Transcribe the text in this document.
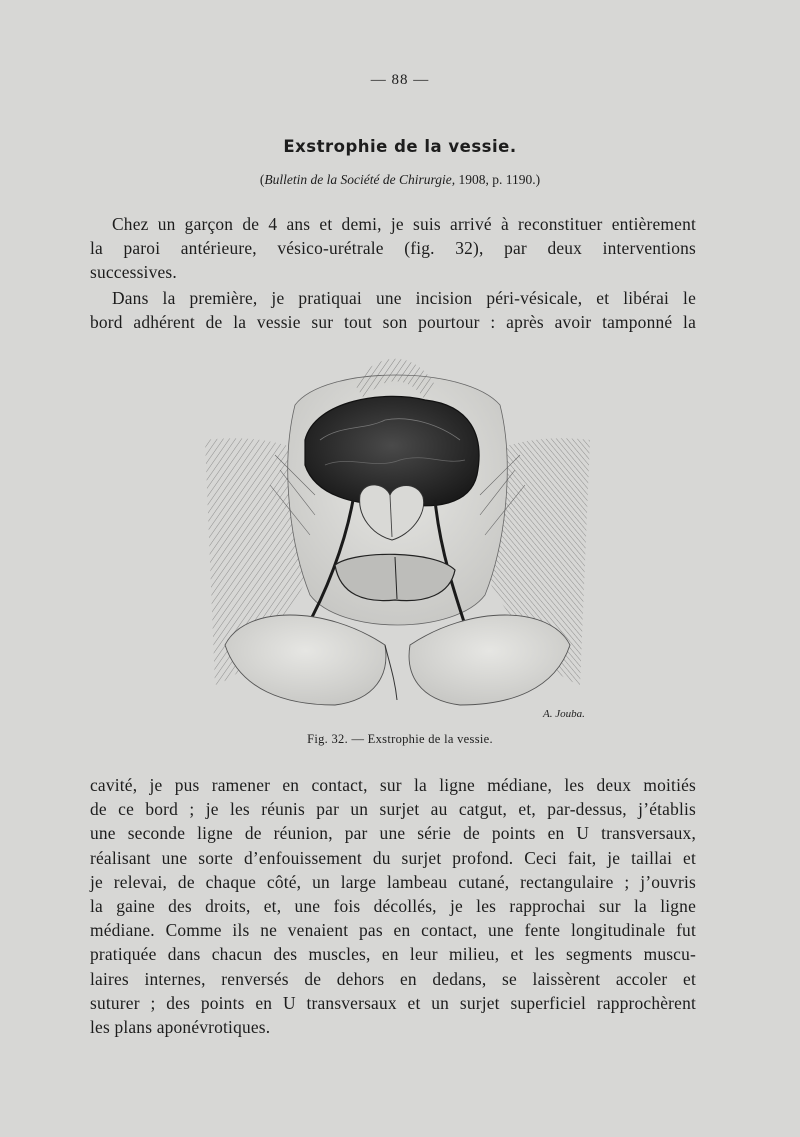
— 88 —
Exstrophie de la vessie.
(Bulletin de la Société de Chirurgie, 1908, p. 1190.)
Chez un garçon de 4 ans et demi, je suis arrivé à reconstituer entièrement
la paroi antérieure, vésico-urétrale (fig. 32), par deux interventions
successives.
Dans la première, je pratiquai une incision péri-vésicale, et libérai le
bord adhérent de la vessie sur tout son pourtour : après avoir tamponné la
A. Jouba.
Fig. 32. — Exstrophie de la vessie.
cavité, je pus ramener en contact, sur la ligne médiane, les deux moitiés
de ce bord ; je les réunis par un surjet au catgut, et, par-dessus, j’établis
une seconde ligne de réunion, par une série de points en U transversaux,
réalisant une sorte d’enfouissement du surjet profond. Ceci fait, je taillai et
je relevai, de chaque côté, un large lambeau cutané, rectangulaire ; j’ouvris
la gaine des droits, et, une fois décollés, je les rapprochai sur la ligne
médiane. Comme ils ne venaient pas en contact, une fente longitudinale fut
pratiquée dans chacun des muscles, en leur milieu, et les segments muscu-
laires internes, renversés de dehors en dedans, se laissèrent accoler et
suturer ; des points en U transversaux et un surjet superficiel rapprochèrent
les plans aponévrotiques.
